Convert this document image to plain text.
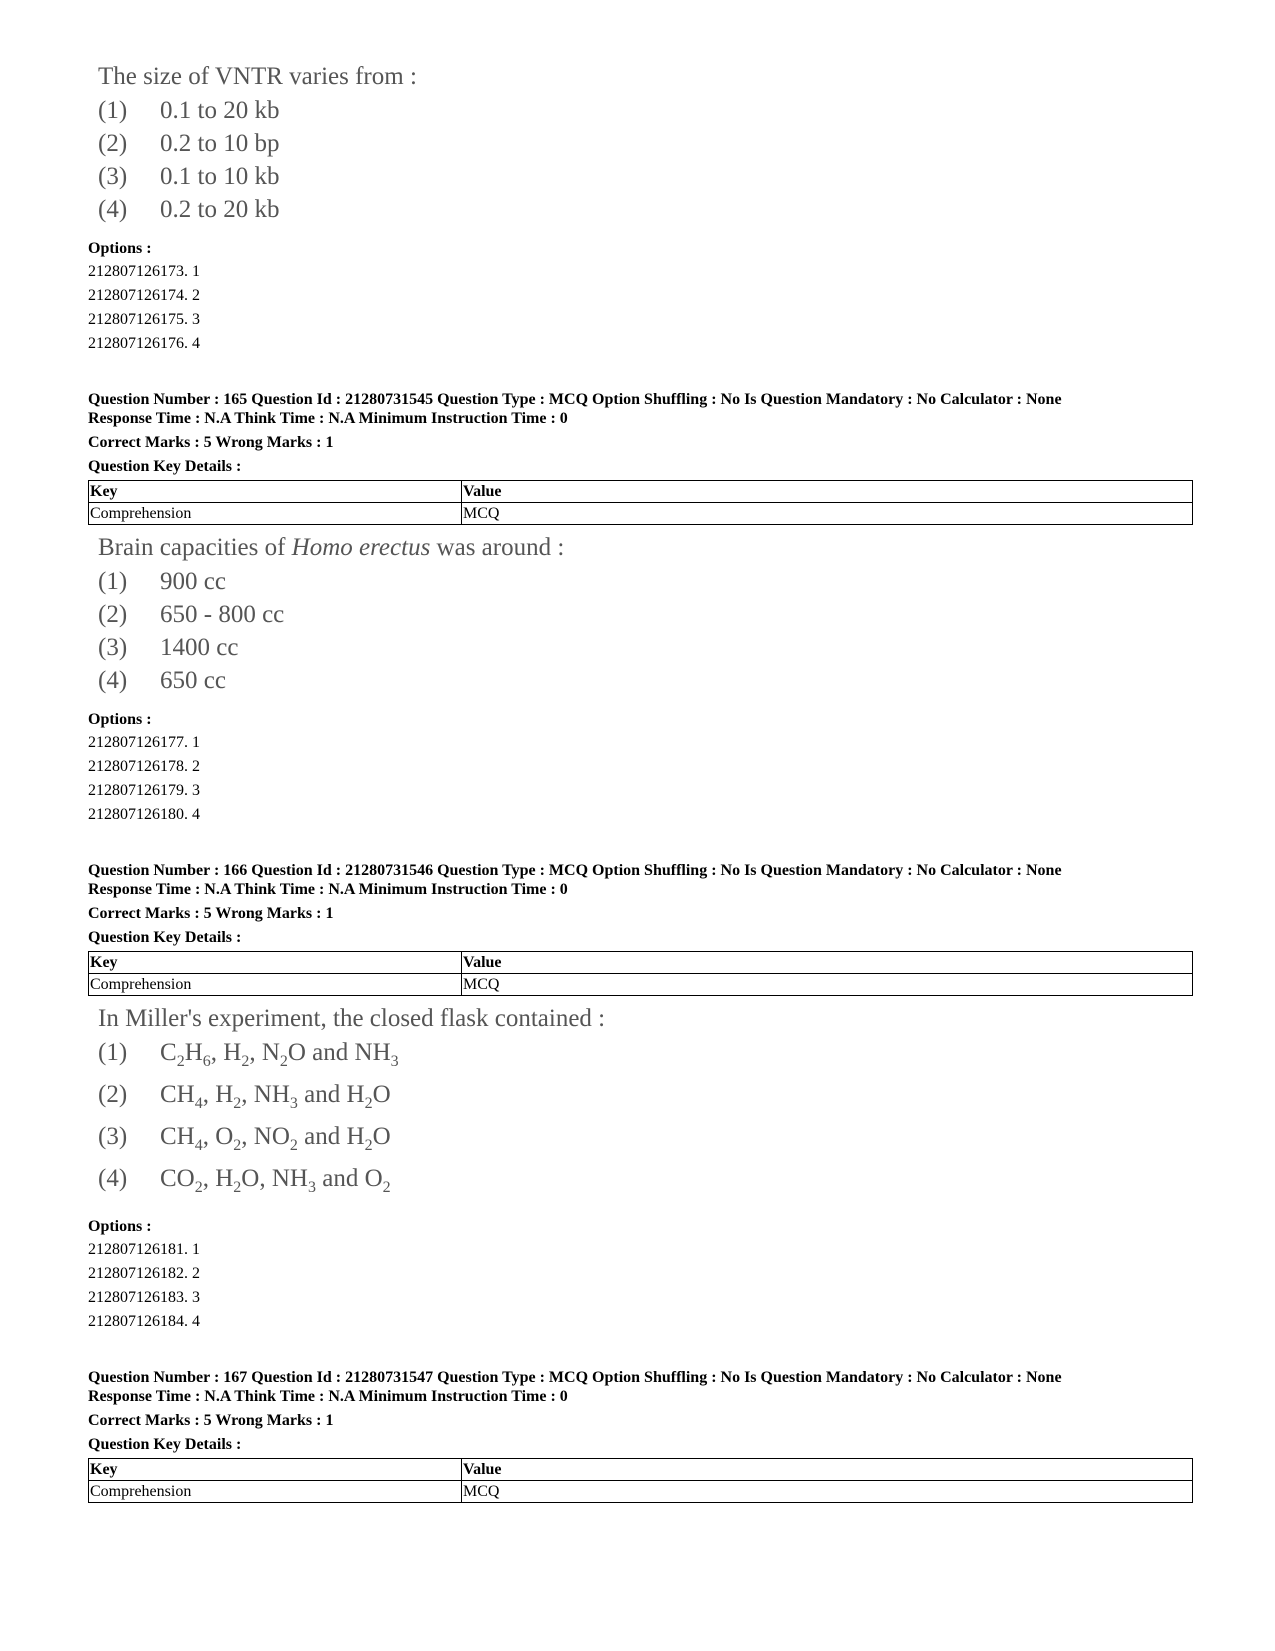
The size of VNTR varies from :
(1)	0.1 to 20 kb
(2)	0.2 to 10 bp
(3)	0.1 to 10 kb
(4)	0.2 to 20 kb
Options :
212807126173. 1
212807126174. 2
212807126175. 3
212807126176. 4
Question Number : 165 Question Id : 21280731545 Question Type : MCQ Option Shuffling : No Is Question Mandatory : No Calculator : None
Response Time : N.A Think Time : N.A Minimum Instruction Time : 0
Correct Marks : 5 Wrong Marks : 1
Question Key Details :
Key	Value
Comprehension	MCQ
Brain capacities of Homo erectus was around :
(1)	900 cc
(2)	650 - 800 cc
(3)	1400 cc
(4)	650 cc
Options :
212807126177. 1
212807126178. 2
212807126179. 3
212807126180. 4
Question Number : 166 Question Id : 21280731546 Question Type : MCQ Option Shuffling : No Is Question Mandatory : No Calculator : None
Response Time : N.A Think Time : N.A Minimum Instruction Time : 0
Correct Marks : 5 Wrong Marks : 1
Question Key Details :
Key	Value
Comprehension	MCQ
In Miller's experiment, the closed flask contained :
(1)	$C_2H_6$, $H_2$, $N_2O$ and $NH_3$
(2)	$CH_4$, $H_2$, $NH_3$ and $H_2O$
(3)	$CH_4$, $O_2$, $NO_2$ and $H_2O$
(4)	$CO_2$, $H_2O$, $NH_3$ and $O_2$
Options :
212807126181. 1
212807126182. 2
212807126183. 3
212807126184. 4
Question Number : 167 Question Id : 21280731547 Question Type : MCQ Option Shuffling : No Is Question Mandatory : No Calculator : None
Response Time : N.A Think Time : N.A Minimum Instruction Time : 0
Correct Marks : 5 Wrong Marks : 1
Question Key Details :
Key	Value
Comprehension	MCQ
